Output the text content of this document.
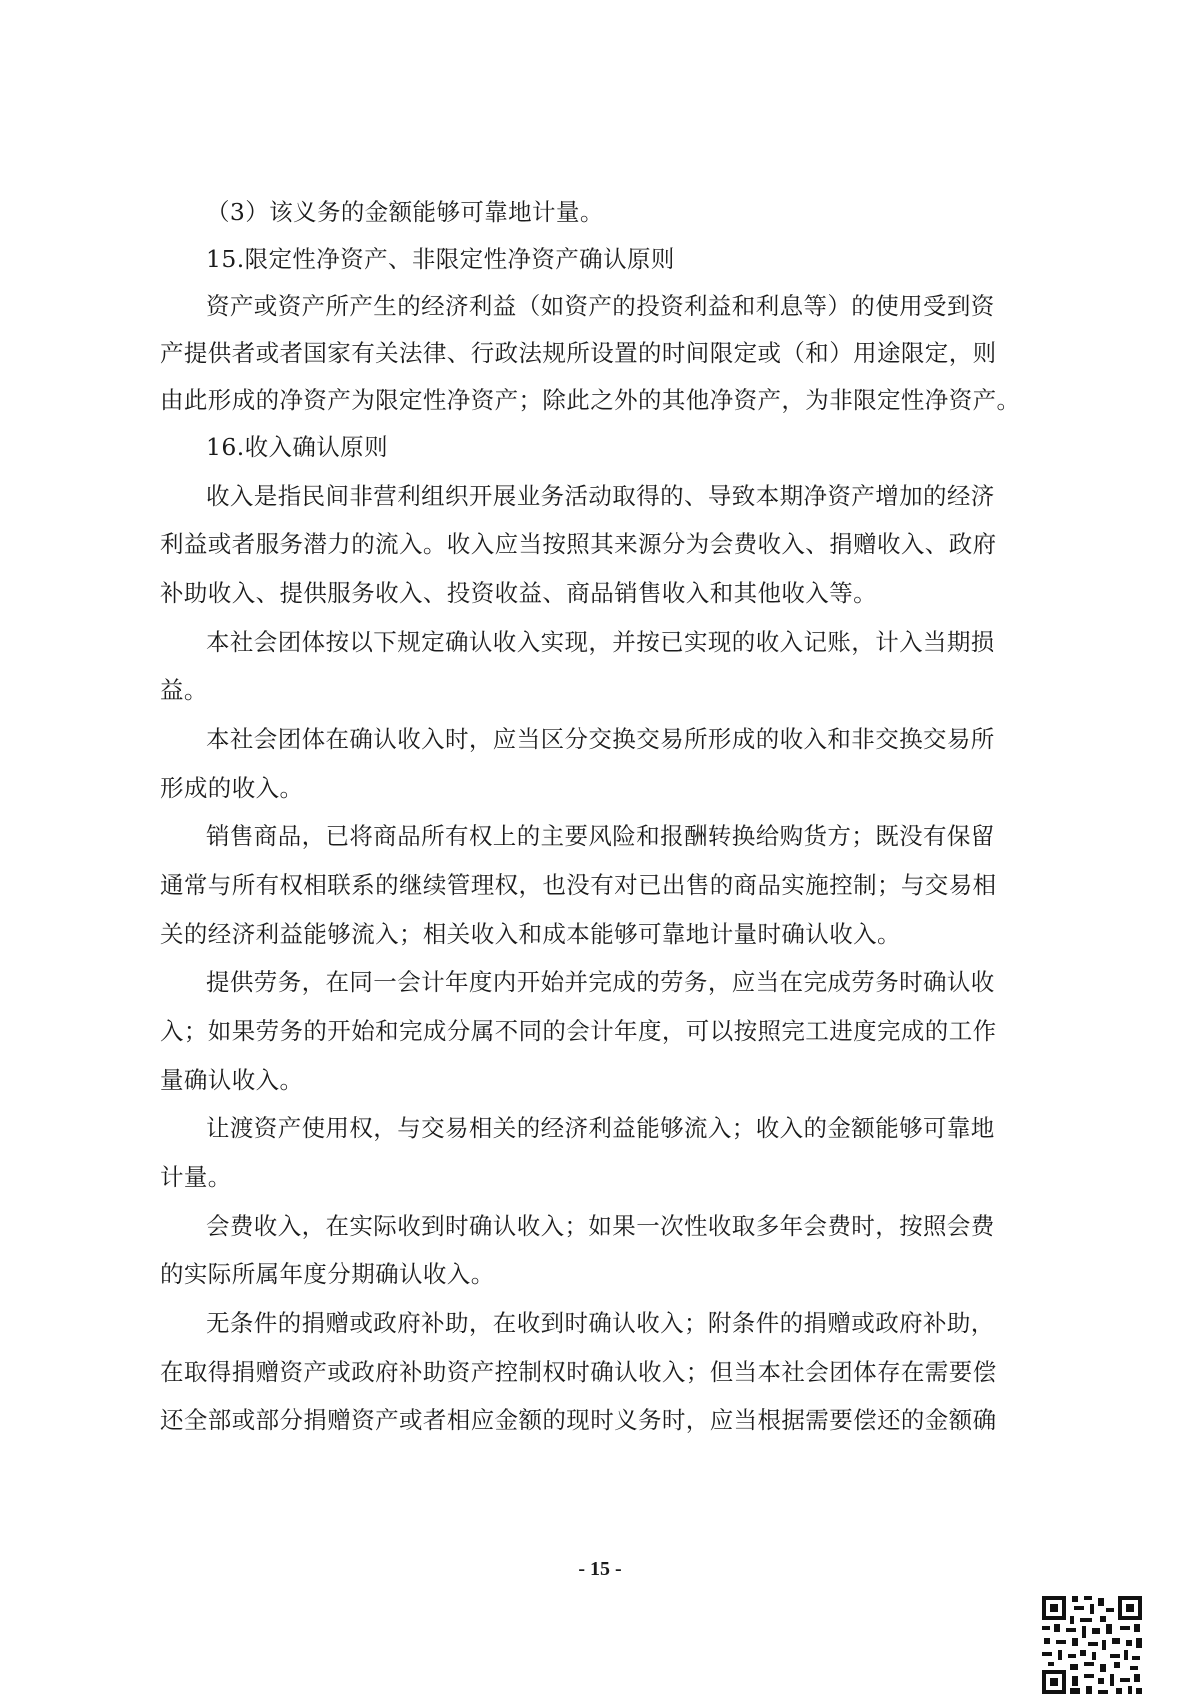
（3）该义务的金额能够可靠地计量。
15.限定性净资产、非限定性净资产确认原则
资产或资产所产生的经济利益（如资产的投资利益和利息等）的使用受到资
产提供者或者国家有关法律、行政法规所设置的时间限定或（和）用途限定，则
由此形成的净资产为限定性净资产；除此之外的其他净资产，为非限定性净资产。
16.收入确认原则
收入是指民间非营利组织开展业务活动取得的、导致本期净资产增加的经济
利益或者服务潜力的流入。收入应当按照其来源分为会费收入、捐赠收入、政府
补助收入、提供服务收入、投资收益、商品销售收入和其他收入等。
本社会团体按以下规定确认收入实现，并按已实现的收入记账，计入当期损
益。
本社会团体在确认收入时，应当区分交换交易所形成的收入和非交换交易所
形成的收入。
销售商品，已将商品所有权上的主要风险和报酬转换给购货方；既没有保留
通常与所有权相联系的继续管理权，也没有对已出售的商品实施控制；与交易相
关的经济利益能够流入；相关收入和成本能够可靠地计量时确认收入。
提供劳务，在同一会计年度内开始并完成的劳务，应当在完成劳务时确认收
入；如果劳务的开始和完成分属不同的会计年度，可以按照完工进度完成的工作
量确认收入。
让渡资产使用权，与交易相关的经济利益能够流入；收入的金额能够可靠地
计量。
会费收入，在实际收到时确认收入；如果一次性收取多年会费时，按照会费
的实际所属年度分期确认收入。
无条件的捐赠或政府补助，在收到时确认收入；附条件的捐赠或政府补助，
在取得捐赠资产或政府补助资产控制权时确认收入；但当本社会团体存在需要偿
还全部或部分捐赠资产或者相应金额的现时义务时，应当根据需要偿还的金额确
- 15 -
